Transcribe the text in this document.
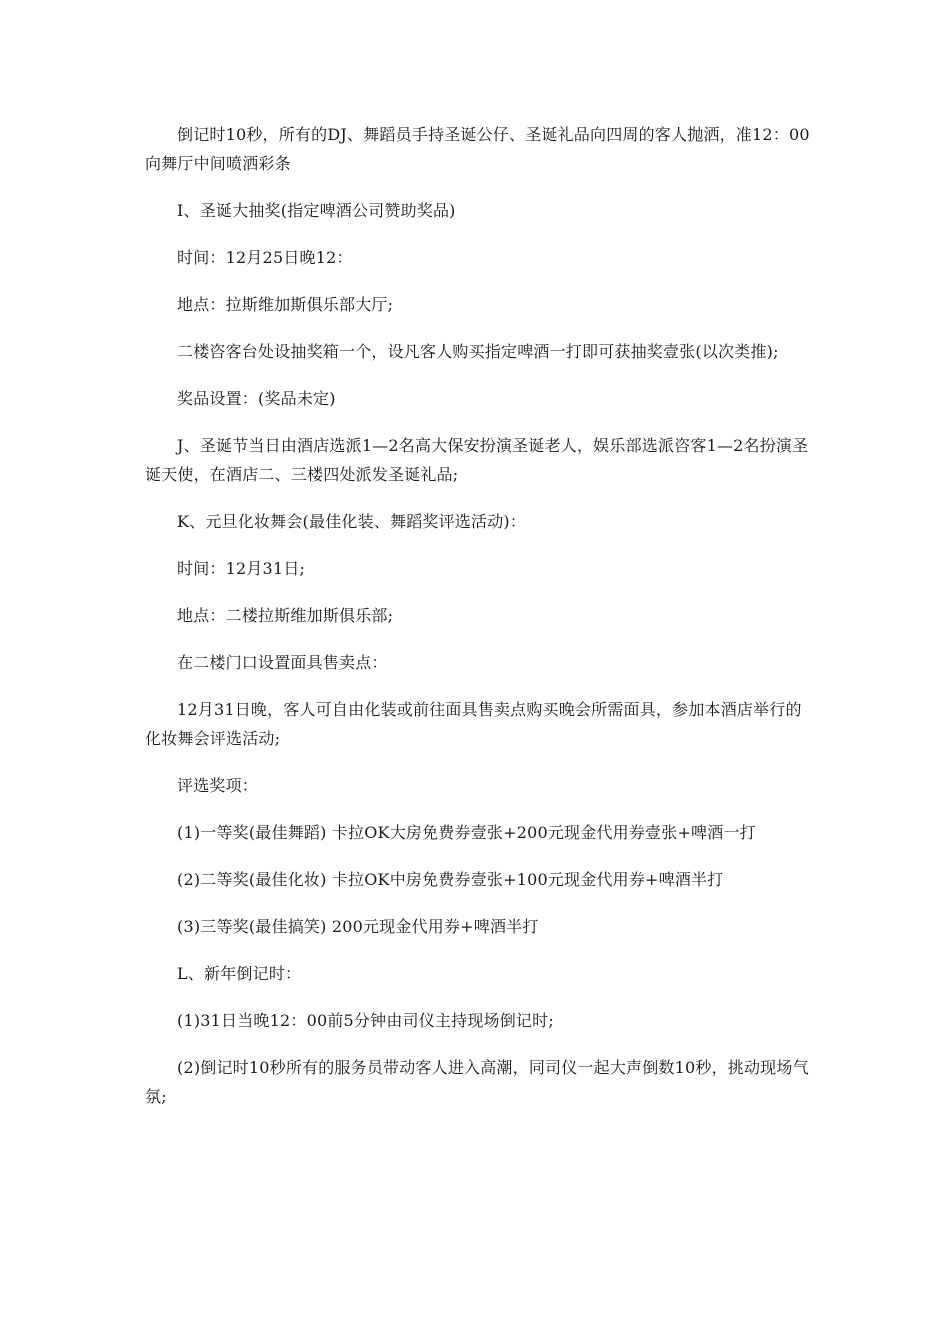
倒记时10秒，所有的DJ、舞蹈员手持圣诞公仔、圣诞礼品向四周的客人抛洒，准12：00向舞厅中间喷洒彩条

I、圣诞大抽奖(指定啤酒公司赞助奖品)

时间：12月25日晚12：

地点：拉斯维加斯俱乐部大厅;

二楼咨客台处设抽奖箱一个，设凡客人购买指定啤酒一打即可获抽奖壹张(以次类推);

奖品设置：(奖品未定)

J、圣诞节当日由酒店选派1—2名高大保安扮演圣诞老人，娱乐部选派咨客1—2名扮演圣诞天使，在酒店二、三楼四处派发圣诞礼品;

K、元旦化妆舞会(最佳化装、舞蹈奖评选活动)：

时间：12月31日;

地点：二楼拉斯维加斯俱乐部;

在二楼门口设置面具售卖点：

12月31日晚，客人可自由化装或前往面具售卖点购买晚会所需面具，参加本酒店举行的化妆舞会评选活动;

评选奖项：

(1)一等奖(最佳舞蹈) 卡拉OK大房免费券壹张+200元现金代用券壹张+啤酒一打

(2)二等奖(最佳化妆) 卡拉OK中房免费券壹张+100元现金代用券+啤酒半打

(3)三等奖(最佳搞笑) 200元现金代用券+啤酒半打

L、新年倒记时：

(1)31日当晚12：00前5分钟由司仪主持现场倒记时;

(2)倒记时10秒所有的服务员带动客人进入高潮，同司仪一起大声倒数10秒，挑动现场气氛;
